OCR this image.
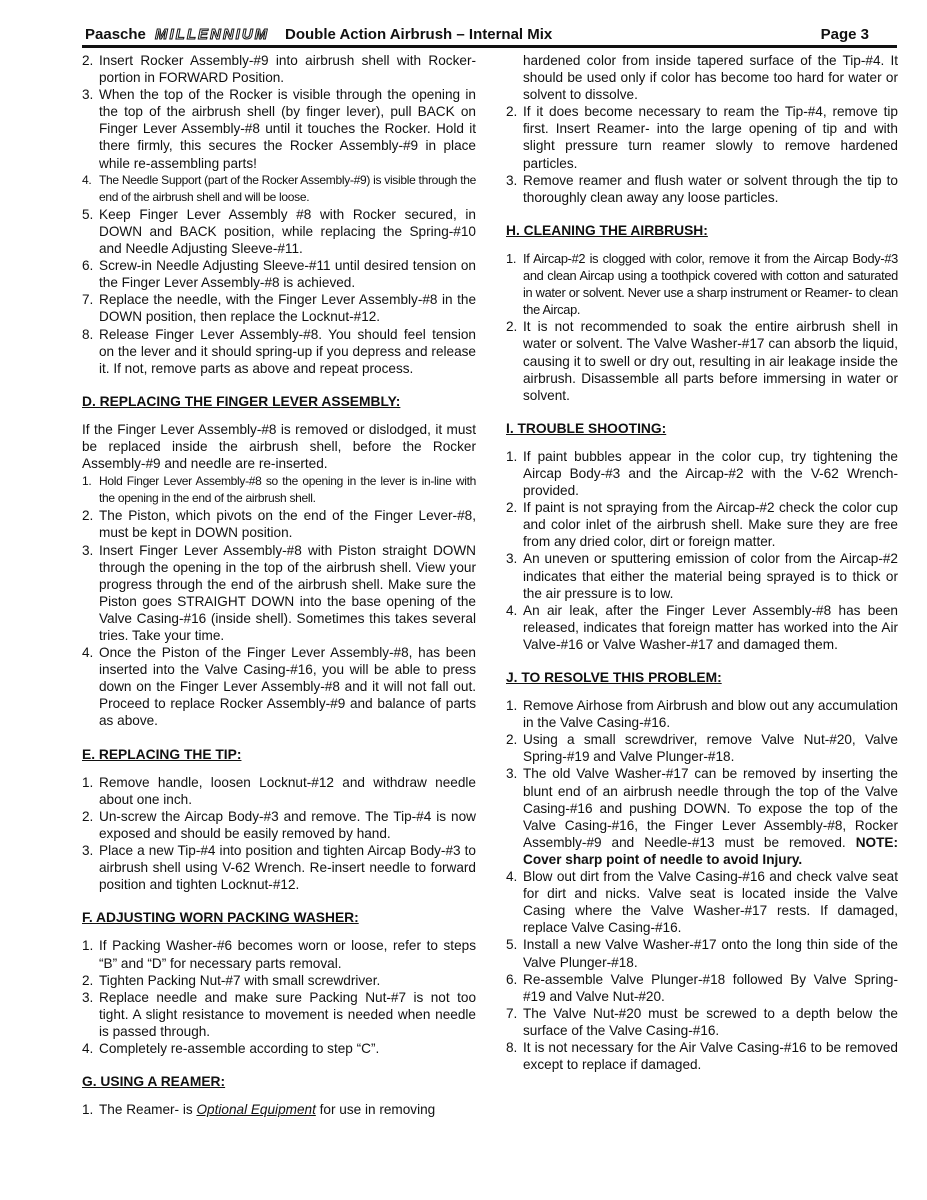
Paasche MILLENNIUM Double Action Airbrush – Internal Mix	Page 3
2. Insert Rocker Assembly-#9 into airbrush shell with Rocker-portion in FORWARD Position.
3. When the top of the Rocker is visible through the opening in the top of the airbrush shell (by finger lever), pull BACK on Finger Lever Assembly-#8 until it touches the Rocker. Hold it there firmly, this secures the Rocker Assembly-#9 in place while re-assembling parts!
4. The Needle Support (part of the Rocker Assembly-#9) is visible through the end of the airbrush shell and will be loose.
5. Keep Finger Lever Assembly #8 with Rocker secured, in DOWN and BACK position, while replacing the Spring-#10 and Needle Adjusting Sleeve-#11.
6. Screw-in Needle Adjusting Sleeve-#11 until desired tension on the Finger Lever Assembly-#8 is achieved.
7. Replace the needle, with the Finger Lever Assembly-#8 in the DOWN position, then replace the Locknut-#12.
8. Release Finger Lever Assembly-#8. You should feel tension on the lever and it should spring-up if you depress and release it. If not, remove parts as above and repeat process.
D. REPLACING THE FINGER LEVER ASSEMBLY:

If the Finger Lever Assembly-#8 is removed or dislodged, it must be replaced inside the airbrush shell, before the Rocker Assembly-#9 and needle are re-inserted.

1. Hold Finger Lever Assembly-#8 so the opening in the lever is in-line with the opening in the end of the airbrush shell.
2. The Piston, which pivots on the end of the Finger Lever-#8, must be kept in DOWN position.
3. Insert Finger Lever Assembly-#8 with Piston straight DOWN through the opening in the top of the airbrush shell. View your progress through the end of the airbrush shell. Make sure the Piston goes STRAIGHT DOWN into the base opening of the Valve Casing-#16 (inside shell). Sometimes this takes several tries. Take your time.
4. Once the Piston of the Finger Lever Assembly-#8, has been inserted into the Valve Casing-#16, you will be able to press down on the Finger Lever Assembly-#8 and it will not fall out. Proceed to replace Rocker Assembly-#9 and balance of parts as above.
E. REPLACING THE TIP:
1. Remove handle, loosen Locknut-#12 and withdraw needle about one inch.
2. Un-screw the Aircap Body-#3 and remove. The Tip-#4 is now exposed and should be easily removed by hand.
3. Place a new Tip-#4 into position and tighten Aircap Body-#3 to airbrush shell using V-62 Wrench. Re-insert needle to forward position and tighten Locknut-#12.
F. ADJUSTING WORN PACKING WASHER:
1. If Packing Washer-#6 becomes worn or loose, refer to steps “B” and “D” for necessary parts removal.
2. Tighten Packing Nut-#7 with small screwdriver.
3. Replace needle and make sure Packing Nut-#7 is not too tight. A slight resistance to movement is needed when needle is passed through.
4. Completely re-assemble according to step “C”.
G. USING A REAMER:
1. The Reamer- is Optional Equipment for use in removing

hardened color from inside tapered surface of the Tip-#4. It should be used only if color has become too hard for water or solvent to dissolve.

2. If it does become necessary to ream the Tip-#4, remove tip first. Insert Reamer- into the large opening of tip and with slight pressure turn reamer slowly to remove hardened particles.
3. Remove reamer and flush water or solvent through the tip to thoroughly clean away any loose particles.
H. CLEANING THE AIRBRUSH:
1. If Aircap-#2 is clogged with color, remove it from the Aircap Body-#3 and clean Aircap using a toothpick covered with cotton and saturated in water or solvent. Never use a sharp instrument or Reamer- to clean the Aircap.
2. It is not recommended to soak the entire airbrush shell in water or solvent. The Valve Washer-#17 can absorb the liquid, causing it to swell or dry out, resulting in air leakage inside the airbrush. Disassemble all parts before immersing in water or solvent.
I. TROUBLE SHOOTING:
1. If paint bubbles appear in the color cup, try tightening the Aircap Body-#3 and the Aircap-#2 with the V-62 Wrench-provided.
2. If paint is not spraying from the Aircap-#2 check the color cup and color inlet of the airbrush shell. Make sure they are free from any dried color, dirt or foreign matter.
3. An uneven or sputtering emission of color from the Aircap-#2 indicates that either the material being sprayed is to thick or the air pressure is to low.
4. An air leak, after the Finger Lever Assembly-#8 has been released, indicates that foreign matter has worked into the Air Valve-#16 or Valve Washer-#17 and damaged them.
J. TO RESOLVE THIS PROBLEM:
1. Remove Airhose from Airbrush and blow out any accumulation in the Valve Casing-#16.
2. Using a small screwdriver, remove Valve Nut-#20, Valve Spring-#19 and Valve Plunger-#18.
3. The old Valve Washer-#17 can be removed by inserting the blunt end of an airbrush needle through the top of the Valve Casing-#16 and pushing DOWN. To expose the top of the Valve Casing-#16, the Finger Lever Assembly-#8, Rocker Assembly-#9 and Needle-#13 must be removed. NOTE: Cover sharp point of needle to avoid Injury.
4. Blow out dirt from the Valve Casing-#16 and check valve seat for dirt and nicks. Valve seat is located inside the Valve Casing where the Valve Washer-#17 rests. If damaged, replace Valve Casing-#16.
5. Install a new Valve Washer-#17 onto the long thin side of the Valve Plunger-#18.
6. Re-assemble Valve Plunger-#18 followed By Valve Spring-#19 and Valve Nut-#20.
7. The Valve Nut-#20 must be screwed to a depth below the surface of the Valve Casing-#16.
8. It is not necessary for the Air Valve Casing-#16 to be removed except to replace if damaged.
